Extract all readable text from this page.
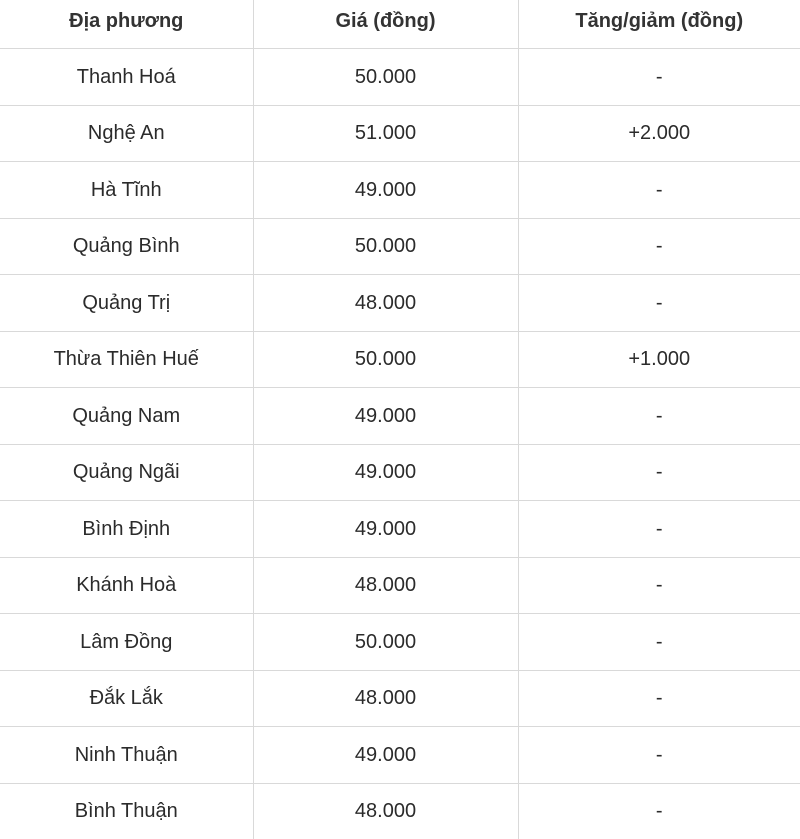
Địa phương	Giá (đồng)	Tăng/giảm (đồng)
Thanh Hoá	50.000	-
Nghệ An	51.000	+2.000
Hà Tĩnh	49.000	-
Quảng Bình	50.000	-
Quảng Trị	48.000	-
Thừa Thiên Huế	50.000	+1.000
Quảng Nam	49.000	-
Quảng Ngãi	49.000	-
Bình Định	49.000	-
Khánh Hoà	48.000	-
Lâm Đồng	50.000	-
Đắk Lắk	48.000	-
Ninh Thuận	49.000	-
Bình Thuận	48.000	-
